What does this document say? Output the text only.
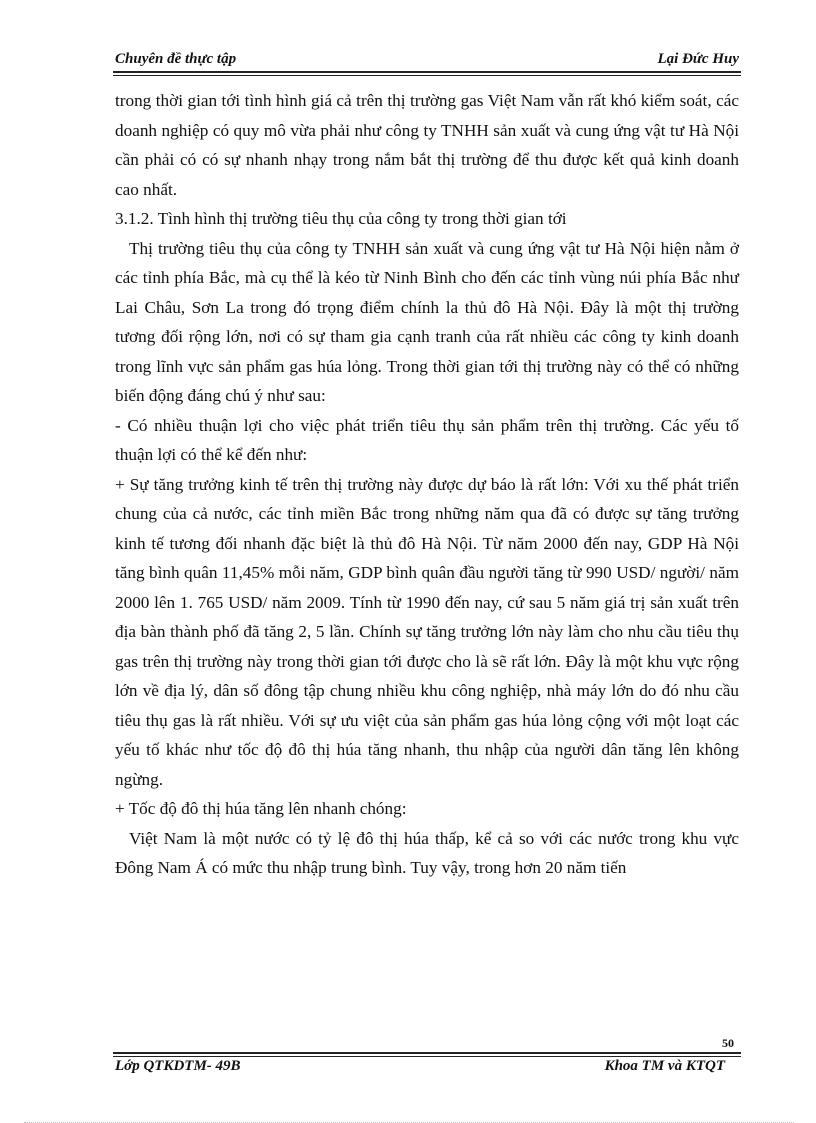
Chuyên đề thực tập	Lại Đức Huy

trong thời gian tới tình hình giá cả trên thị trường gas Việt Nam vẫn rất khó kiểm soát, các doanh nghiệp có quy mô vừa phải như công ty TNHH sản xuất và cung ứng vật tư Hà Nội cần phải có có sự nhanh nhạy trong nắm bắt thị trường để thu được kết quả kinh doanh cao nhất.

3.1.2. Tình hình thị trường tiêu thụ của công ty trong thời gian tới

Thị trường tiêu thụ của công ty TNHH sản xuất và cung ứng vật tư Hà Nội hiện nằm ở các tỉnh phía Bắc, mà cụ thể là kéo từ Ninh Bình cho đến các tỉnh vùng núi phía Bắc như Lai Châu, Sơn La trong đó trọng điểm chính la thủ đô Hà Nội. Đây là một thị trường tương đối rộng lớn, nơi có sự tham gia cạnh tranh của rất nhiều các công ty kinh doanh trong lĩnh vực sản phẩm gas húa lỏng. Trong thời gian tới thị trường này có thể có những biến động đáng chú ý như sau:

- Có nhiều thuận lợi cho việc phát triển tiêu thụ sản phẩm trên thị trường. Các yếu tố thuận lợi có thể kể đến như:

+ Sự tăng trưởng kinh tế trên thị trường này được dự báo là rất lớn: Với xu thế phát triển chung của cả nước, các tỉnh miền Bắc trong những năm qua đã có được sự tăng trưởng kinh tế tương đối nhanh đặc biệt là thủ đô Hà Nội. Từ năm 2000 đến nay, GDP Hà Nội tăng bình quân 11,45% mỗi năm, GDP bình quân đầu người tăng từ 990 USD/ người/ năm 2000 lên 1. 765 USD/ năm 2009. Tính từ 1990 đến nay, cứ sau 5 năm giá trị sản xuất trên địa bàn thành phố đã tăng 2, 5 lần. Chính sự tăng trưởng lớn này làm cho nhu cầu tiêu thụ gas trên thị trường này trong thời gian tới được cho là sẽ rất lớn. Đây là một khu vực rộng lớn về địa lý, dân số đông tập chung nhiều khu công nghiệp, nhà máy lớn do đó nhu cầu tiêu thụ gas là rất nhiều. Với sự ưu việt của sản phẩm gas húa lỏng cộng với một loạt các yếu tố khác như tốc độ đô thị húa tăng nhanh, thu nhập của người dân tăng lên không ngừng.

+ Tốc độ đô thị húa tăng lên nhanh chóng:

Việt Nam là một nước có tỷ lệ đô thị húa thấp, kể cả so với các nước trong khu vực Đông Nam Á có mức thu nhập trung bình. Tuy vậy, trong hơn 20 năm tiến

50
Lớp QTKDTM- 49B	Khoa TM và KTQT
